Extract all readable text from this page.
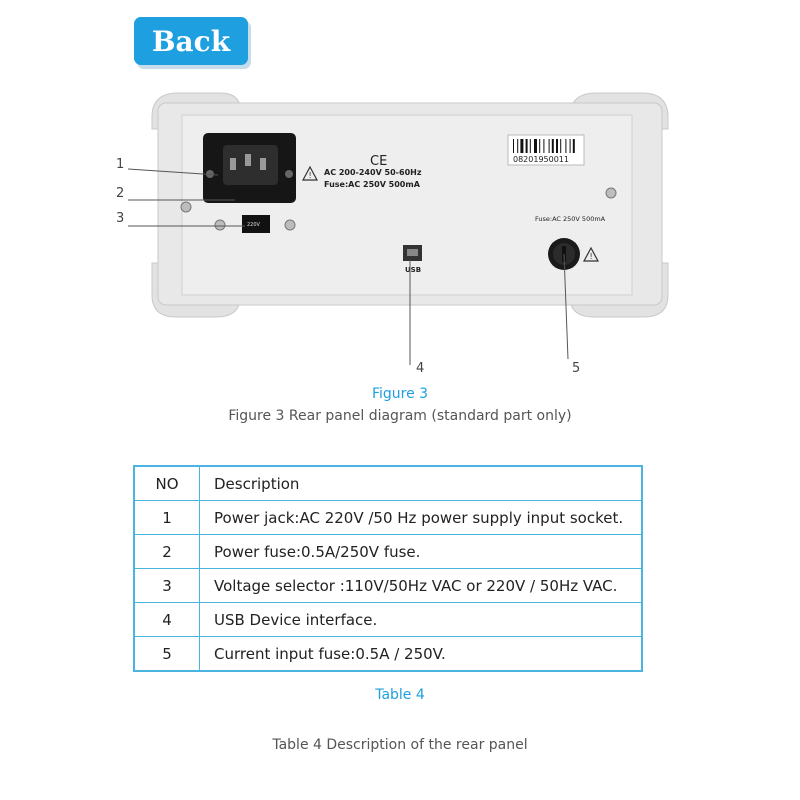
Back
220V
!
!
CE
AC 200-240V 50-60Hz
Fuse:AC 250V 500mA
08201950011
USB
Fuse:AC 250V 500mA
1
2
3
4	5
Figure 3
Figure 3 Rear panel diagram (standard part only)
NO	Description
1	Power jack:AC 220V /50 Hz power supply input socket.
2	Power fuse:0.5A/250V fuse.
3	Voltage selector :110V/50Hz VAC or 220V / 50Hz VAC.
4	USB Device interface.
5	Current input fuse:0.5A / 250V.
Table 4
Table 4 Description of the rear panel
